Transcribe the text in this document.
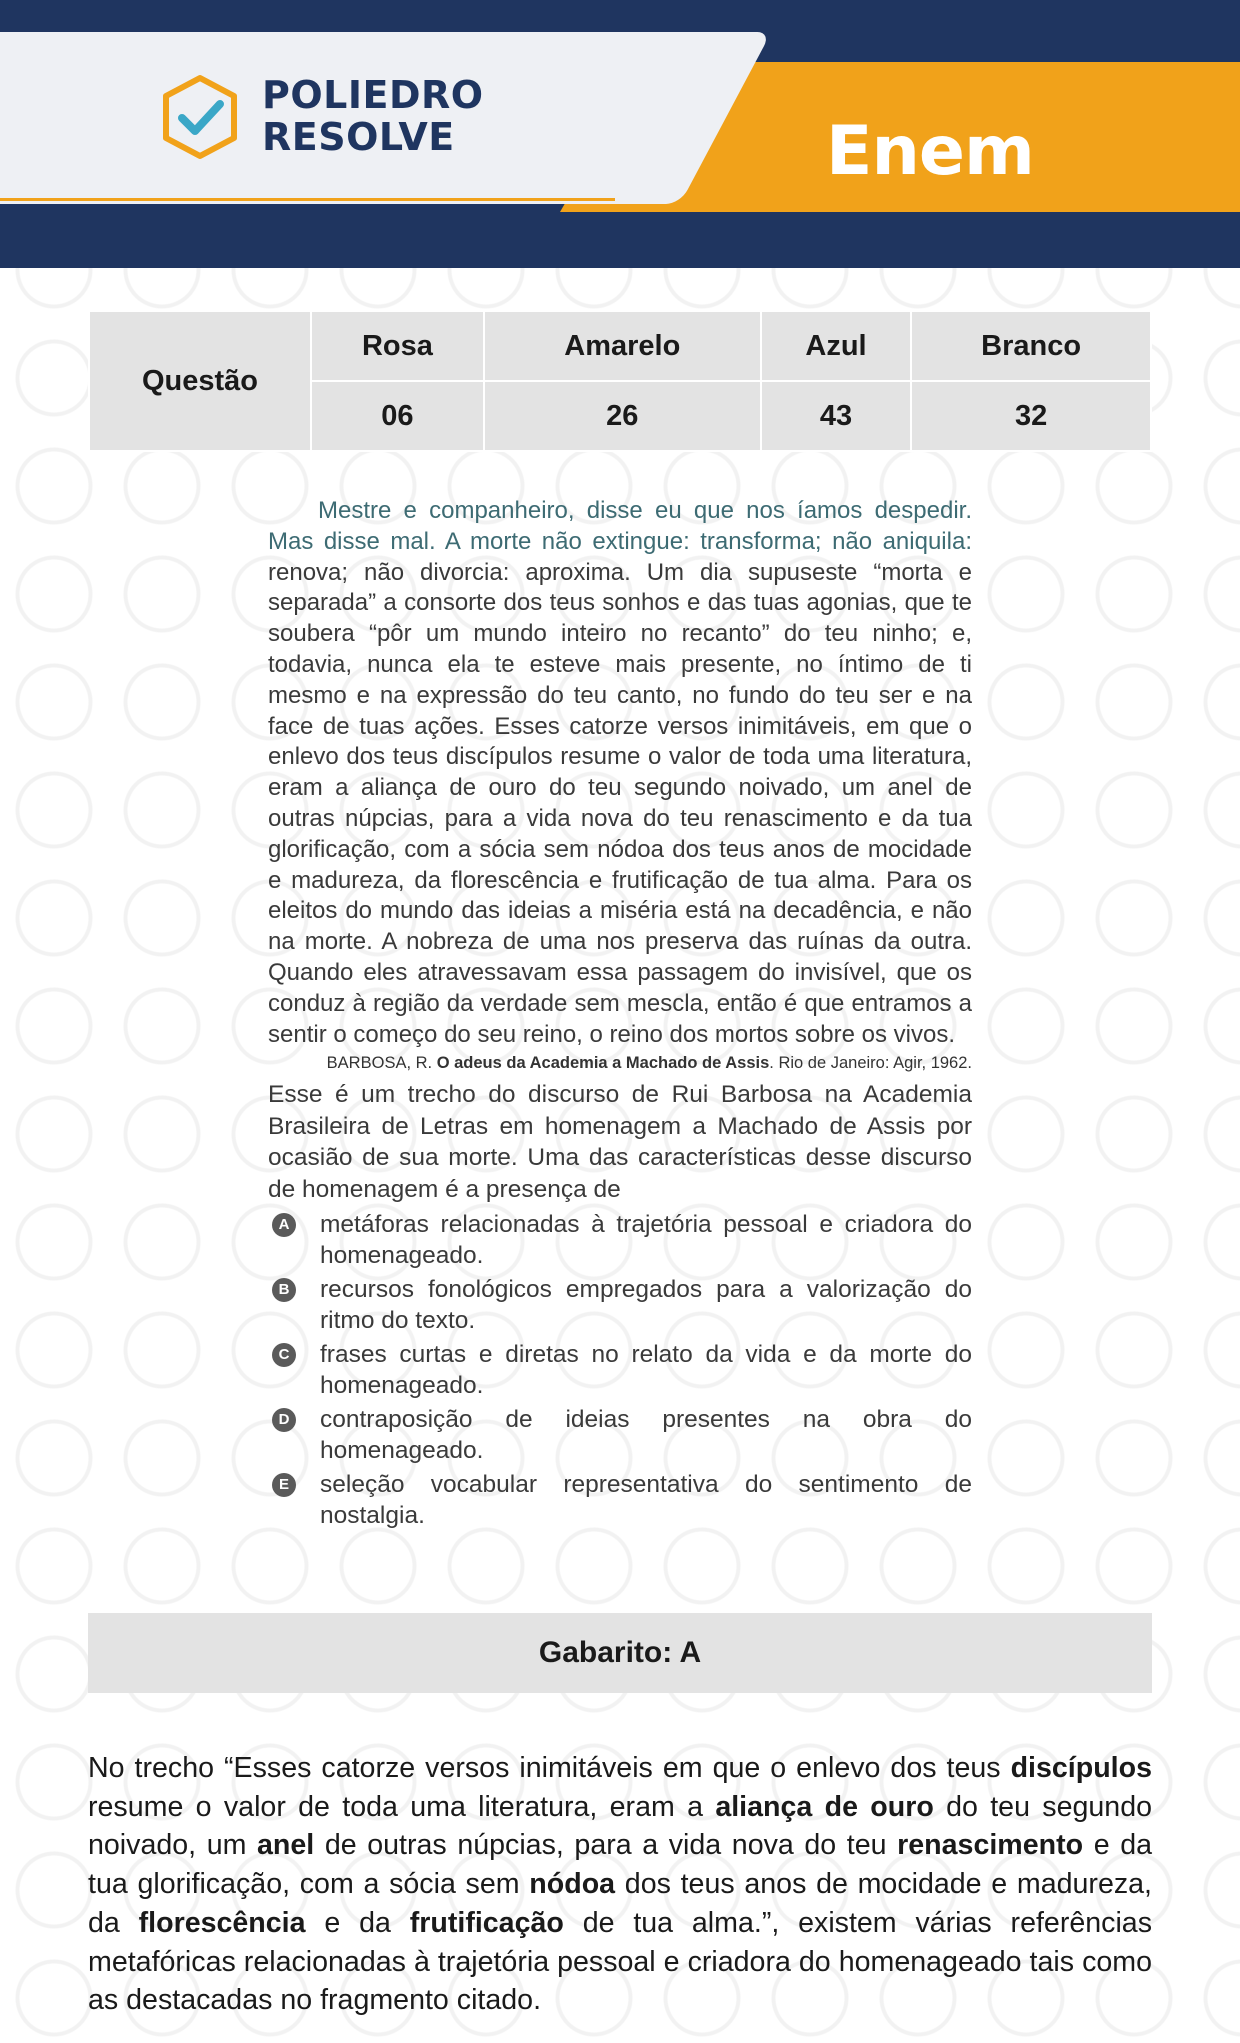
POLIEDRO
RESOLVE	Enem
Questão	Rosa	Amarelo	Azul	Branco
	06	26	43	32

Mestre e companheiro, disse eu que nos íamos despedir. Mas disse mal. A morte não extingue: transforma; não aniquila: renova; não divorcia: aproxima. Um dia supuseste “morta e separada” a consorte dos teus sonhos e das tuas agonias, que te soubera “pôr um mundo inteiro no recanto” do teu ninho; e, todavia, nunca ela te esteve mais presente, no íntimo de ti mesmo e na expressão do teu canto, no fundo do teu ser e na face de tuas ações. Esses catorze versos inimitáveis, em que o enlevo dos teus discípulos resume o valor de toda uma literatura, eram a aliança de ouro do teu segundo noivado, um anel de outras núpcias, para a vida nova do teu renascimento e da tua glorificação, com a sócia sem nódoa dos teus anos de mocidade e madureza, da florescência e frutificação de tua alma. Para os eleitos do mundo das ideias a miséria está na decadência, e não na morte. A nobreza de uma nos preserva das ruínas da outra. Quando eles atravessavam essa passagem do invisível, que os conduz à região da verdade sem mescla, então é que entramos a sentir o começo do seu reino, o reino dos mortos sobre os vivos.

BARBOSA, R. O adeus da Academia a Machado de Assis. Rio de Janeiro: Agir, 1962.

Esse é um trecho do discurso de Rui Barbosa na Academia Brasileira de Letras em homenagem a Machado de Assis por ocasião de sua morte. Uma das características desse discurso de homenagem é a presença de

A metáforas relacionadas à trajetória pessoal e criadora do homenageado.
B recursos fonológicos empregados para a valorização do ritmo do texto.
C frases curtas e diretas no relato da vida e da morte do homenageado.
D contraposição de ideias presentes na obra do homenageado.
E seleção vocabular representativa do sentimento de nostalgia.
Gabarito: A

No trecho “Esses catorze versos inimitáveis em que o enlevo dos teus discípulos resume o valor de toda uma literatura, eram a aliança de ouro do teu segundo noivado, um anel de outras núpcias, para a vida nova do teu renascimento e da tua glorificação, com a sócia sem nódoa dos teus anos de mocidade e madureza, da florescência e da frutificação de tua alma.”, existem várias referências metafóricas relacionadas à trajetória pessoal e criadora do homenageado tais como as destacadas no fragmento citado.
